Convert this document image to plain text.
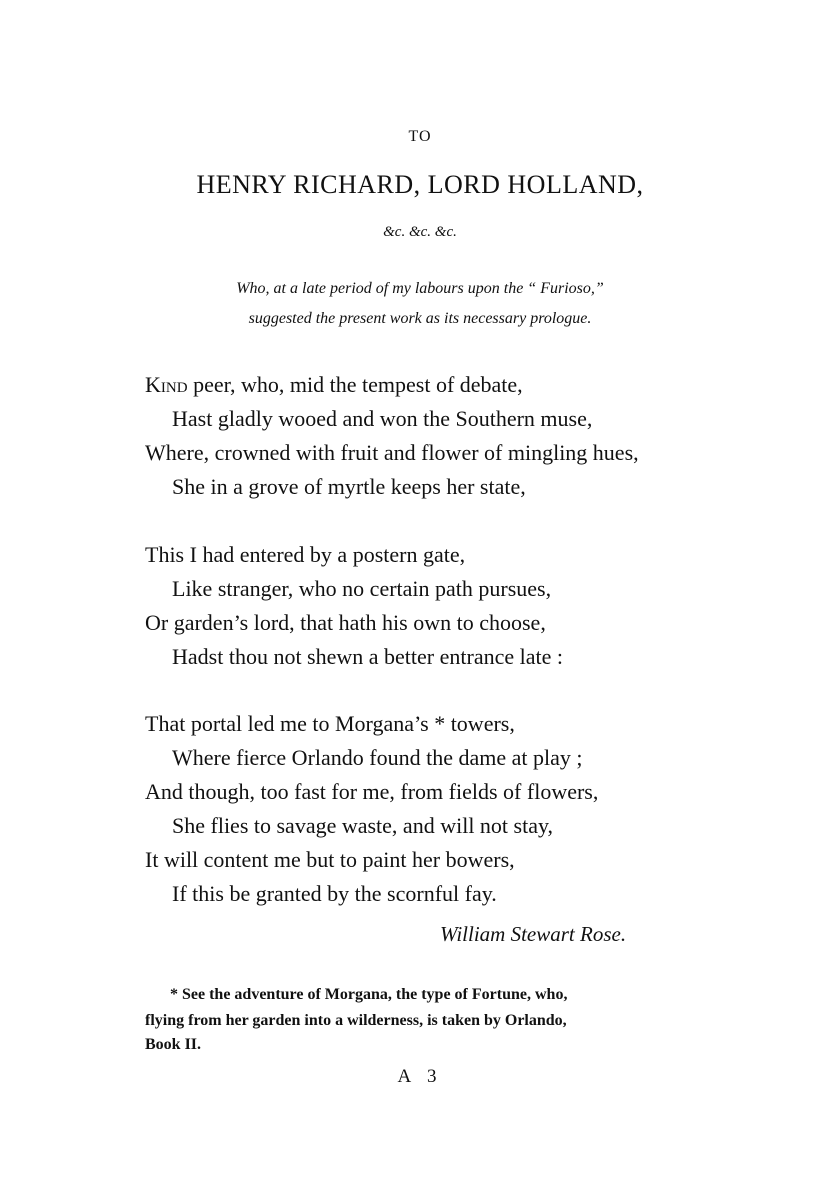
TO
HENRY RICHARD, LORD HOLLAND,
&c. &c. &c.
Who, at a late period of my labours upon the “ Furioso,”
suggested the present work as its necessary prologue.
Kind peer, who, mid the tempest of debate,
Hast gladly wooed and won the Southern muse,
Where, crowned with fruit and flower of mingling hues,
She in a grove of myrtle keeps her state,
This I had entered by a postern gate,
Like stranger, who no certain path pursues,
Or garden’s lord, that hath his own to choose,
Hadst thou not shewn a better entrance late :
That portal led me to Morgana’s * towers,
Where fierce Orlando found the dame at play ;
And though, too fast for me, from fields of flowers,
She flies to savage waste, and will not stay,
It will content me but to paint her bowers,
If this be granted by the scornful fay.
William Stewart Rose.
* See the adventure of Morgana, the type of Fortune, who,
flying from her garden into a wilderness, is taken by Orlando,
Book II.
A 3
